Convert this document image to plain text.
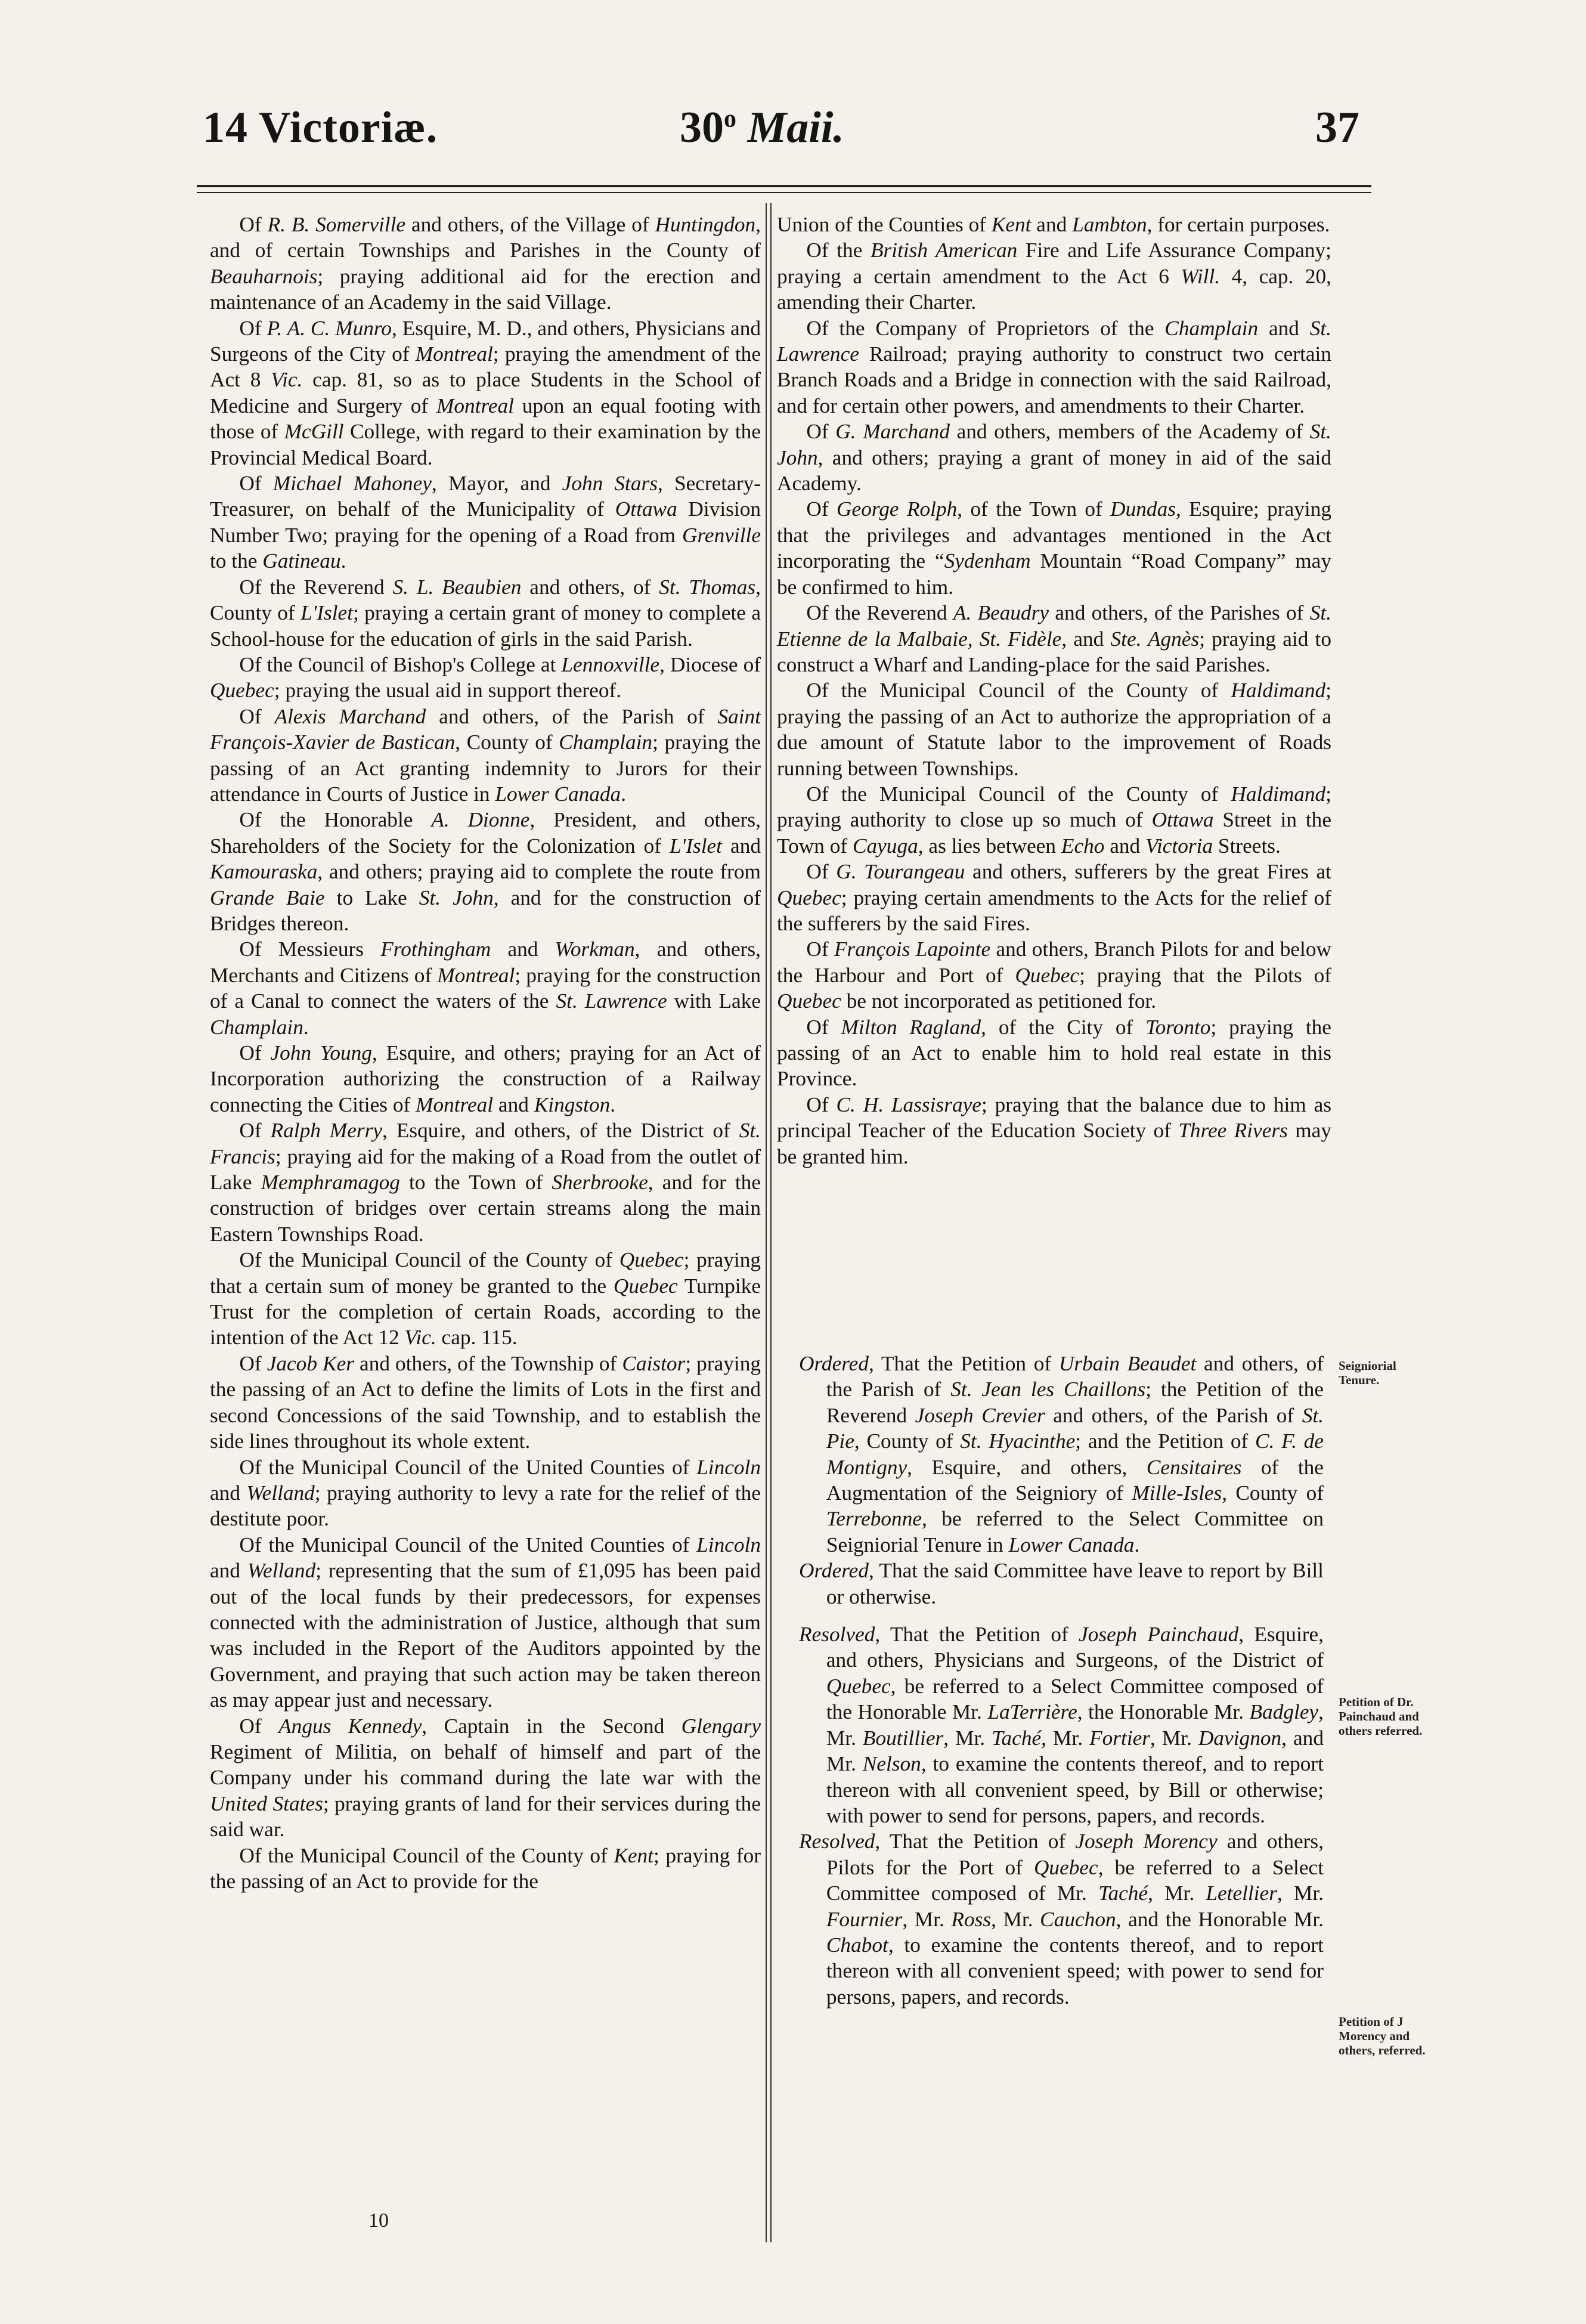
14 Victoriæ.	30$^o$ Maii.	37

Of R. B. Somerville and others, of the Village of Huntingdon, and of certain Townships and Parishes in the County of Beauharnois; praying additional aid for the erection and maintenance of an Academy in the said Village.

Of P. A. C. Munro, Esquire, M. D., and others, Physicians and Surgeons of the City of Montreal; praying the amendment of the Act 8 Vic. cap. 81, so as to place Students in the School of Medicine and Surgery of Montreal upon an equal footing with those of McGill College, with regard to their examination by the Provincial Medical Board.

Of Michael Mahoney, Mayor, and John Stars, Secretary-Treasurer, on behalf of the Municipality of Ottawa Division Number Two; praying for the opening of a Road from Grenville to the Gatineau.

Of the Reverend S. L. Beaubien and others, of St. Thomas, County of L'Islet; praying a certain grant of money to complete a School-house for the education of girls in the said Parish.

Of the Council of Bishop's College at Lennoxville, Diocese of Quebec; praying the usual aid in support thereof.

Of Alexis Marchand and others, of the Parish of Saint François-Xavier de Bastican, County of Champlain; praying the passing of an Act granting indemnity to Jurors for their attendance in Courts of Justice in Lower Canada.

Of the Honorable A. Dionne, President, and others, Shareholders of the Society for the Colonization of L'Islet and Kamouraska, and others; praying aid to complete the route from Grande Baie to Lake St. John, and for the construction of Bridges thereon.

Of Messieurs Frothingham and Workman, and others, Merchants and Citizens of Montreal; praying for the construction of a Canal to connect the waters of the St. Lawrence with Lake Champlain.

Of John Young, Esquire, and others; praying for an Act of Incorporation authorizing the construction of a Railway connecting the Cities of Montreal and Kingston.

Of Ralph Merry, Esquire, and others, of the District of St. Francis; praying aid for the making of a Road from the outlet of Lake Memphramagog to the Town of Sherbrooke, and for the construction of bridges over certain streams along the main Eastern Townships Road.

Of the Municipal Council of the County of Quebec; praying that a certain sum of money be granted to the Quebec Turnpike Trust for the completion of certain Roads, according to the intention of the Act 12 Vic. cap. 115.

Of Jacob Ker and others, of the Township of Caistor; praying the passing of an Act to define the limits of Lots in the first and second Concessions of the said Township, and to establish the side lines throughout its whole extent.

Of the Municipal Council of the United Counties of Lincoln and Welland; praying authority to levy a rate for the relief of the destitute poor.

Of the Municipal Council of the United Counties of Lincoln and Welland; representing that the sum of £1,095 has been paid out of the local funds by their predecessors, for expenses connected with the administration of Justice, although that sum was included in the Report of the Auditors appointed by the Government, and praying that such action may be taken thereon as may appear just and necessary.

Of Angus Kennedy, Captain in the Second Glengary Regiment of Militia, on behalf of himself and part of the Company under his command during the late war with the United States; praying grants of land for their services during the said war.

Of the Municipal Council of the County of Kent; praying for the passing of an Act to provide for the

Union of the Counties of Kent and Lambton, for certain purposes.

Of the British American Fire and Life Assurance Company; praying a certain amendment to the Act 6 Will. 4, cap. 20, amending their Charter.

Of the Company of Proprietors of the Champlain and St. Lawrence Railroad; praying authority to construct two certain Branch Roads and a Bridge in connection with the said Railroad, and for certain other powers, and amendments to their Charter.

Of G. Marchand and others, members of the Academy of St. John, and others; praying a grant of money in aid of the said Academy.

Of George Rolph, of the Town of Dundas, Esquire; praying that the privileges and advantages mentioned in the Act incorporating the “Sydenham Mountain “Road Company” may be confirmed to him.

Of the Reverend A. Beaudry and others, of the Parishes of St. Etienne de la Malbaie, St. Fidèle, and Ste. Agnès; praying aid to construct a Wharf and Landing-place for the said Parishes.

Of the Municipal Council of the County of Haldimand; praying the passing of an Act to authorize the appropriation of a due amount of Statute labor to the improvement of Roads running between Townships.

Of the Municipal Council of the County of Haldimand; praying authority to close up so much of Ottawa Street in the Town of Cayuga, as lies between Echo and Victoria Streets.

Of G. Tourangeau and others, sufferers by the great Fires at Quebec; praying certain amendments to the Acts for the relief of the sufferers by the said Fires.

Of François Lapointe and others, Branch Pilots for and below the Harbour and Port of Quebec; praying that the Pilots of Quebec be not incorporated as petitioned for.

Of Milton Ragland, of the City of Toronto; praying the passing of an Act to enable him to hold real estate in this Province.

Of C. H. Lassisraye; praying that the balance due to him as principal Teacher of the Education Society of Three Rivers may be granted him.

Ordered, That the Petition of Urbain Beaudet and others, of the Parish of St. Jean les Chaillons; the Petition of the Reverend Joseph Crevier and others, of the Parish of St. Pie, County of St. Hyacinthe; and the Petition of C. F. de Montigny, Esquire, and others, Censitaires of the Augmentation of the Seigniory of Mille-Isles, County of Terrebonne, be referred to the Select Committee on Seigniorial Tenure in Lower Canada.

Ordered, That the said Committee have leave to report by Bill or otherwise.

Resolved, That the Petition of Joseph Painchaud, Esquire, and others, Physicians and Surgeons, of the District of Quebec, be referred to a Select Committee composed of the Honorable Mr. LaTerrière, the Honorable Mr. Badgley, Mr. Boutillier, Mr. Taché, Mr. Fortier, Mr. Davignon, and Mr. Nelson, to examine the contents thereof, and to report thereon with all convenient speed, by Bill or otherwise; with power to send for persons, papers, and records.

Resolved, That the Petition of Joseph Morency and others, Pilots for the Port of Quebec, be referred to a Select Committee composed of Mr. Taché, Mr. Letellier, Mr. Fournier, Mr. Ross, Mr. Cauchon, and the Honorable Mr. Chabot, to examine the contents thereof, and to report thereon with all convenient speed; with power to send for persons, papers, and records.

Seigniorial Tenure.
Petition of Dr. Painchaud and others referred.
Petition of J Morency and others, referred.
10
